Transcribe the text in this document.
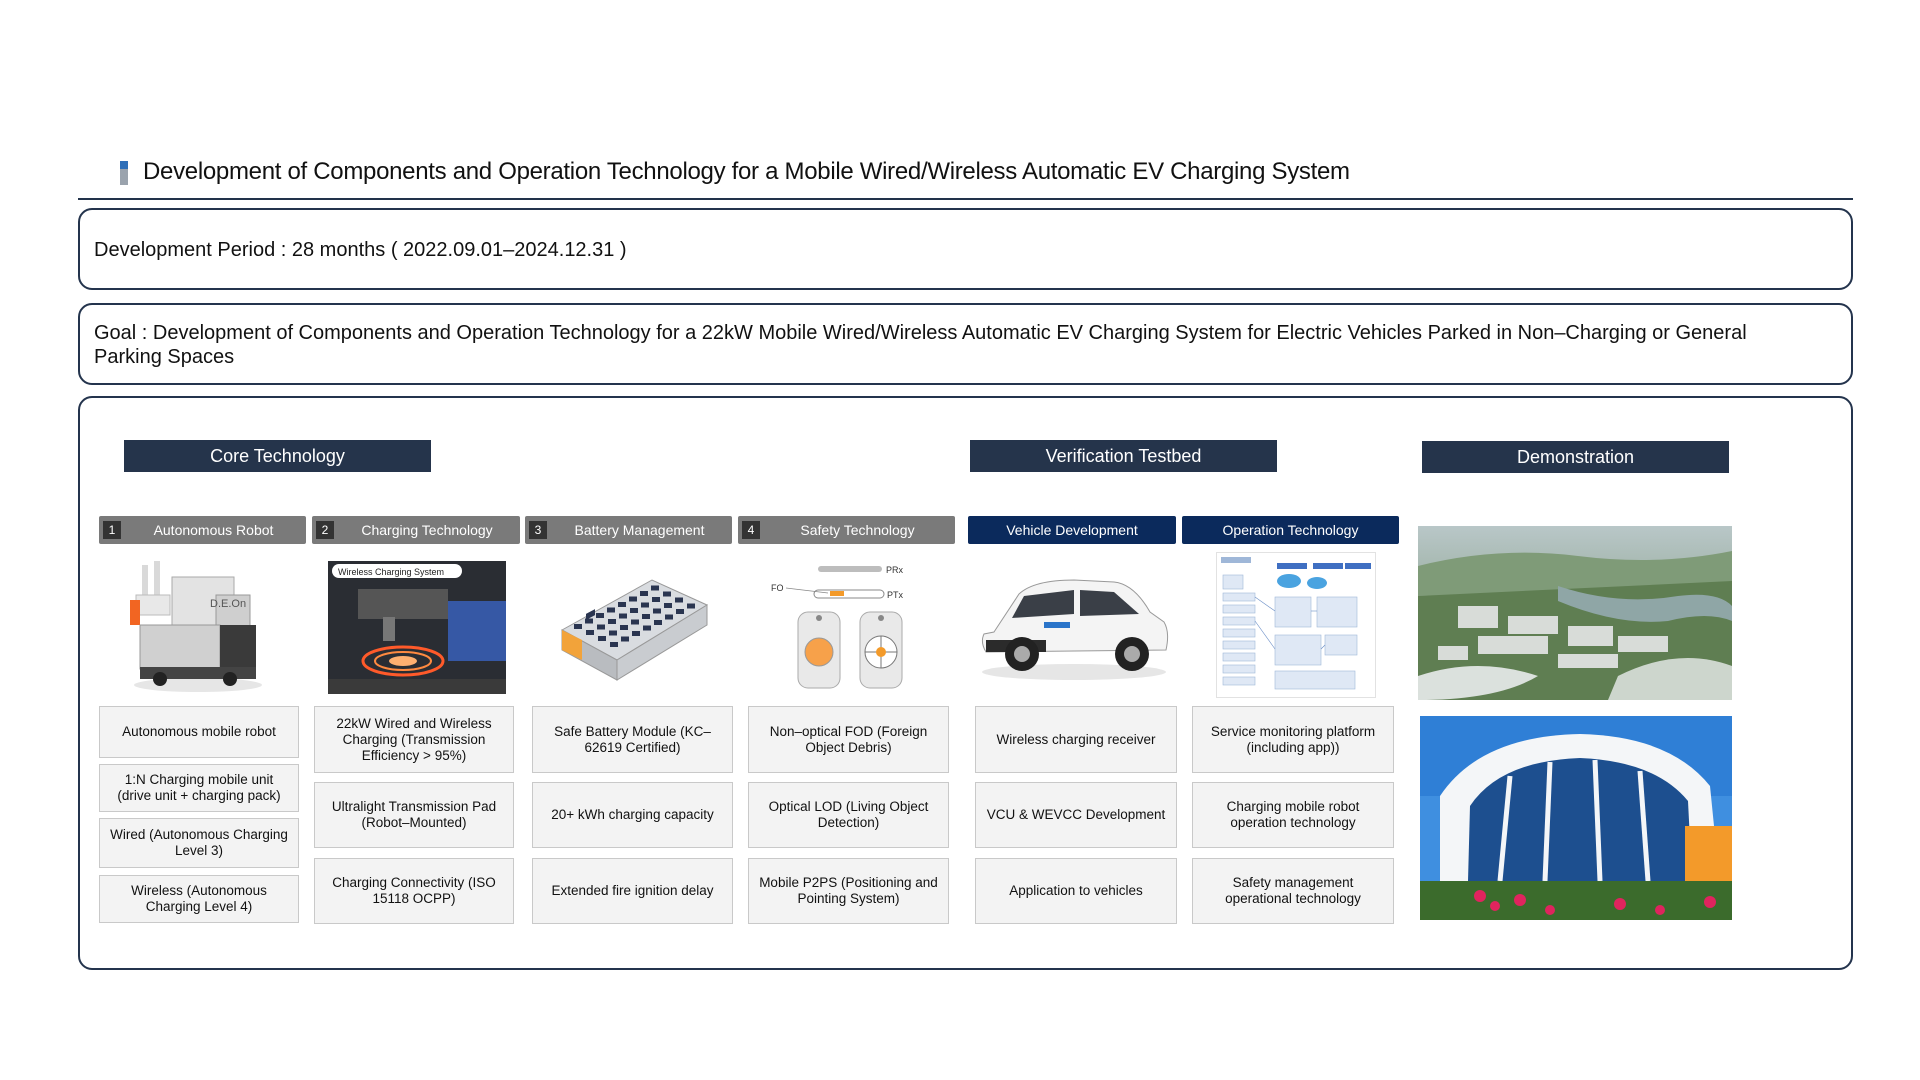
Development of Components and Operation Technology for a Mobile Wired/Wireless Automatic EV Charging System
Development Period : 28 months ( 2022.09.01–2024.12.31 )
Goal : Development of Components and Operation Technology for a 22kW Mobile Wired/Wireless Automatic EV Charging System for Electric Vehicles Parked in Non–Charging or General Parking Spaces
Core Technology	Verification Testbed	Demonstration
1	Autonomous Robot	2	Charging Technology	3	Battery Management	4	Safety Technology	Vehicle Development	Operation Technology
D.E.On
Wireless Charging System	PRx
PTx
FO
Autonomous mobile robot
1:N Charging mobile unit (drive unit + charging pack)
Wired (Autonomous Charging Level 3)
Wireless (Autonomous Charging Level 4)
22kW Wired and Wireless Charging (Transmission Efficiency > 95%)
Ultralight Transmission Pad (Robot–Mounted)
Charging Connectivity (ISO 15118 OCPP)
Safe Battery Module (KC–62619 Certified)
20+ kWh charging capacity
Extended fire ignition delay
Non–optical FOD (Foreign Object Debris)
Optical LOD (Living Object Detection)
Mobile P2PS (Positioning and Pointing System)
Wireless charging receiver
VCU & WEVCC Development
Application to vehicles
Service monitoring platform (including app))
Charging mobile robot operation technology
Safety management operational technology
